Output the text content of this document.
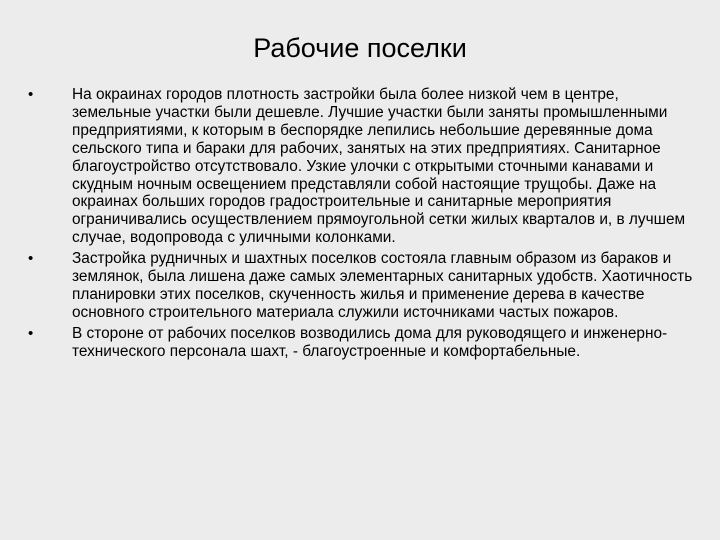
Рабочие поселки
•	На окраинах городов плотность застройки была более низкой чем в центре, земельные участки были дешевле. Лучшие участки были заняты промышленными предприятиями, к которым в беспорядке лепились небольшие деревянные дома сельского типа и бараки для рабочих, занятых на этих предприятиях. Санитарное благоустройство отсутствовало. Узкие улочки с открытыми сточными канавами и скудным ночным освещением представляли собой настоящие трущобы. Даже на окраинах больших городов градостроительные и санитарные мероприятия ограничивались осуществлением прямоугольной сетки жилых кварталов и, в лучшем случае, водопровода с уличными колонками.
•	Застройка рудничных и шахтных поселков состояла главным образом из бараков и землянок, была лишена даже самых элементарных санитарных удобств. Хаотичность планировки этих поселков, скученность жилья и применение дерева в качестве основного строительного материала служили источниками частых пожаров.
•	В стороне от рабочих поселков возводились дома для руководящего и инженерно-технического персонала шахт, - благоустроенные и комфортабельные.
